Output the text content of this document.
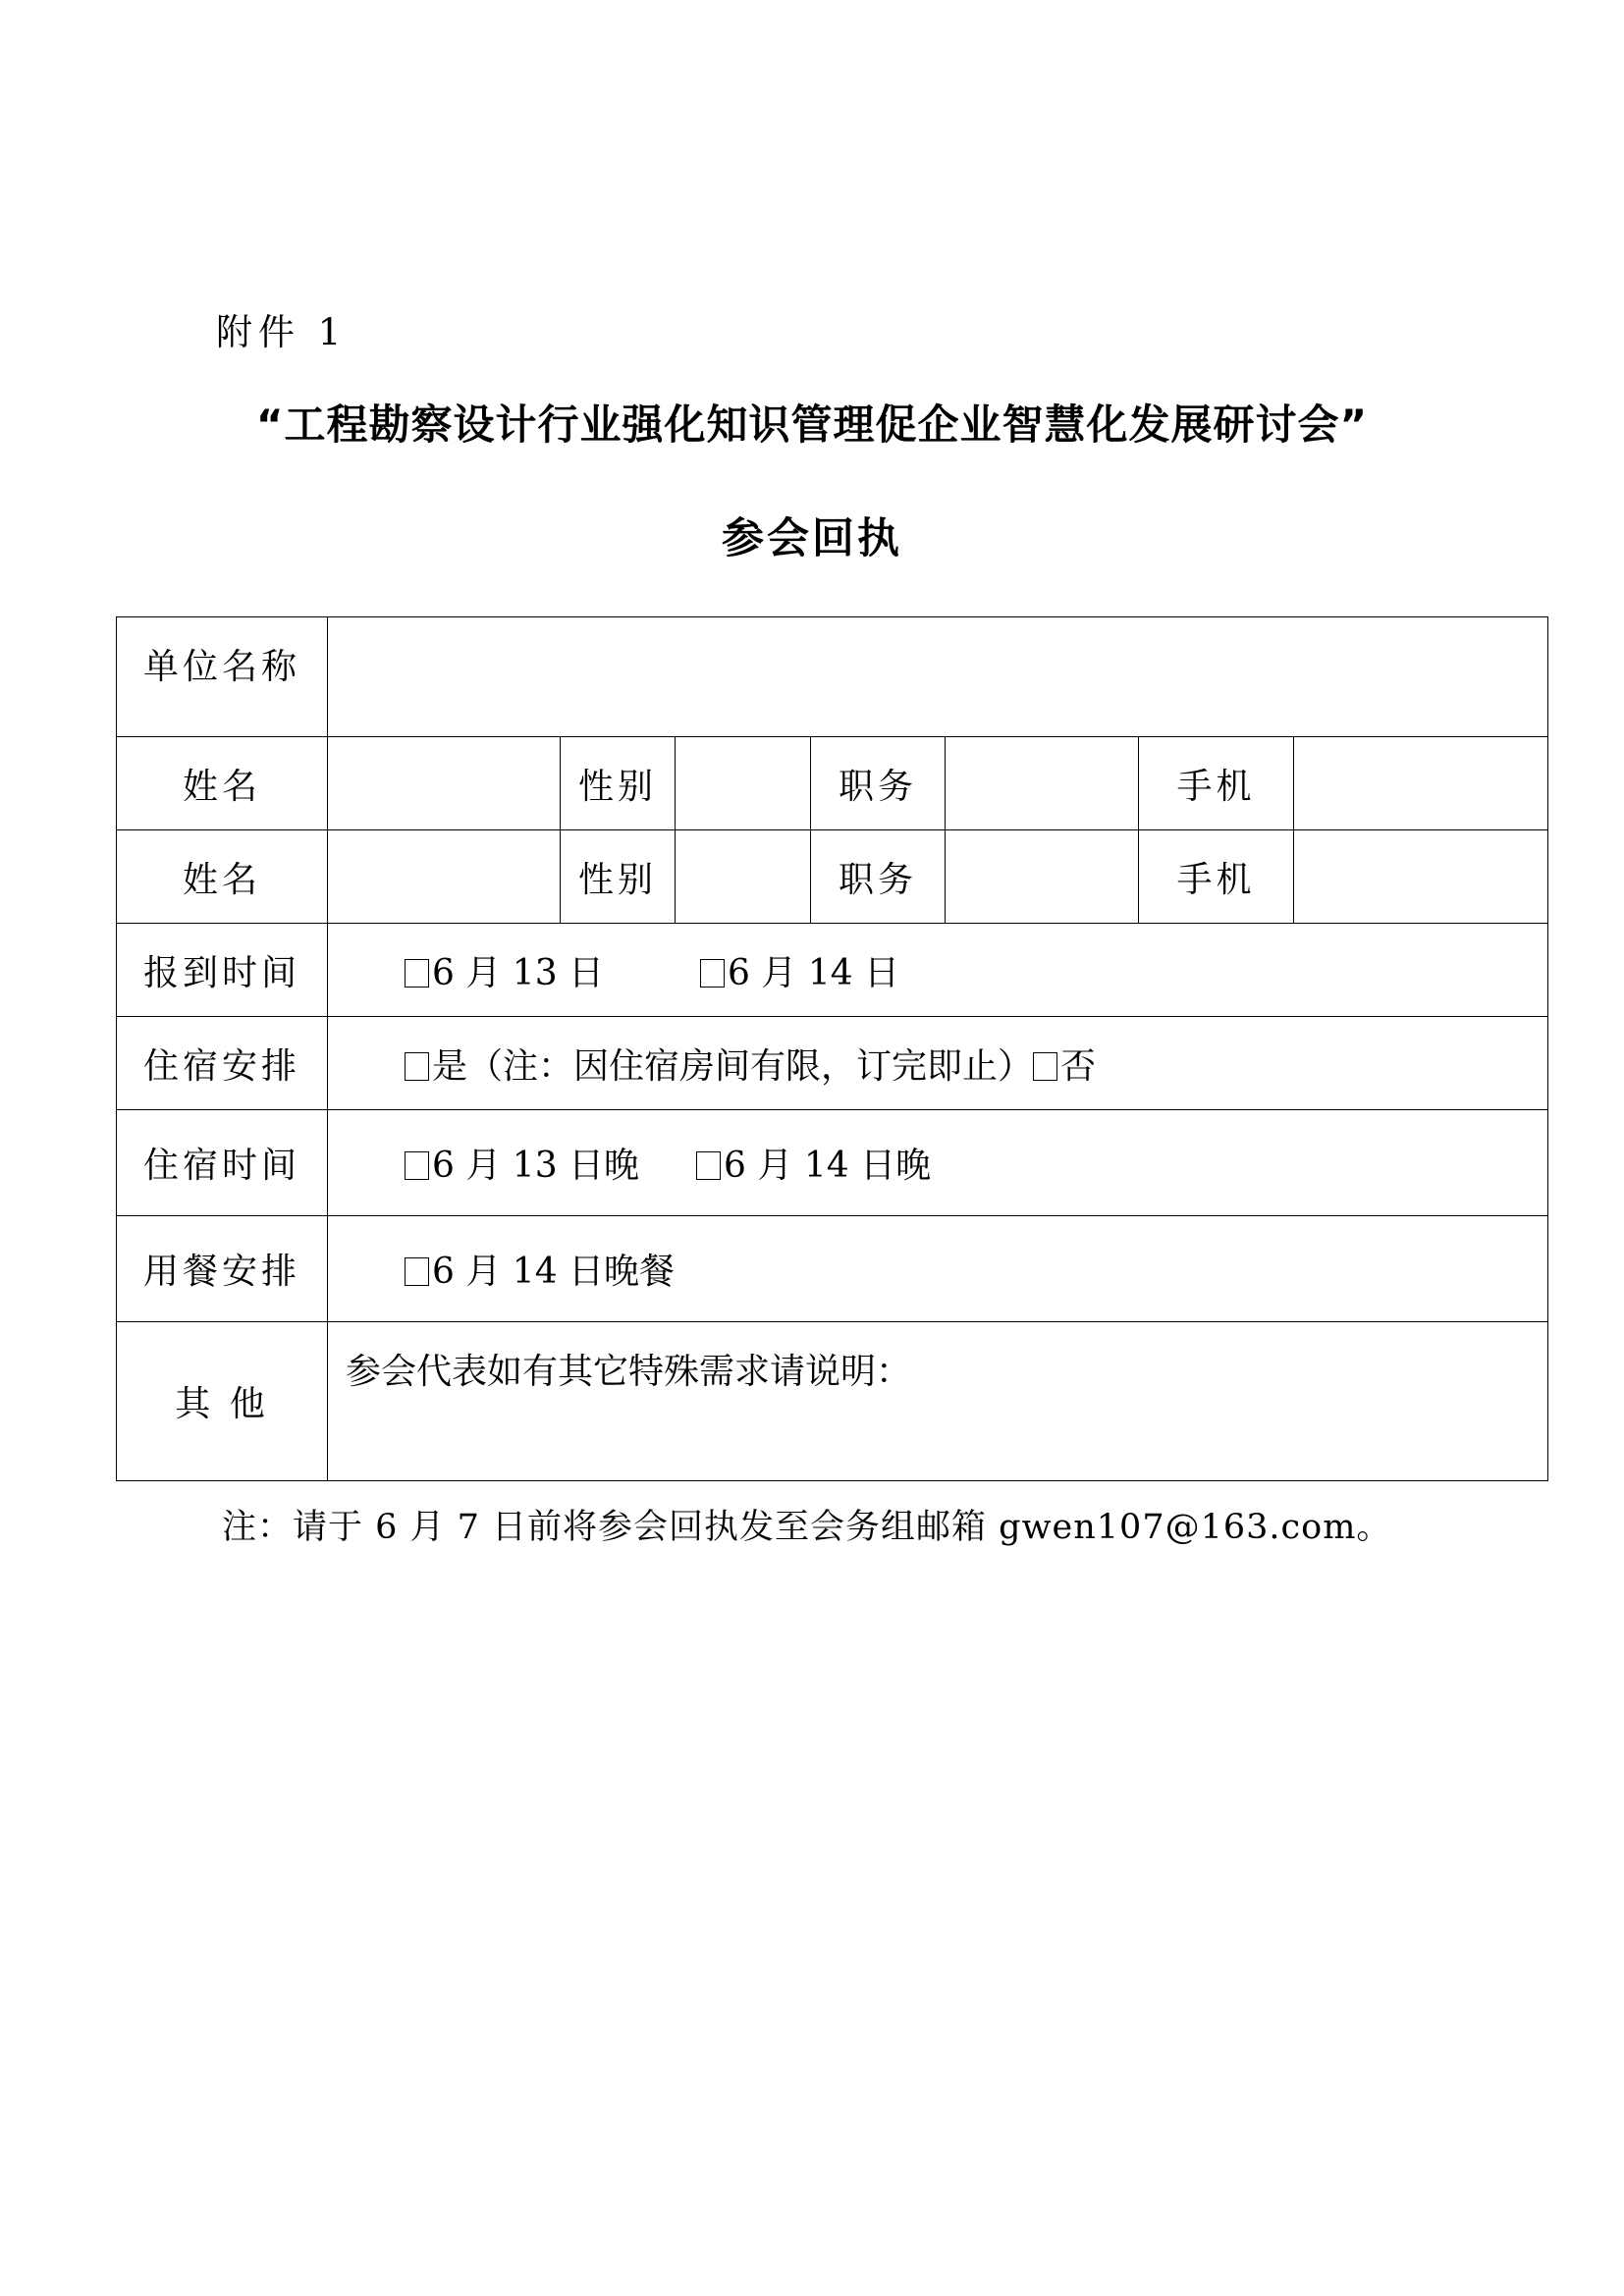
附件 1
“工程勘察设计行业强化知识管理促企业智慧化发展研讨会”
参会回执
单位名称							
姓名		性别		职务		手机	
姓名		性别		职务		手机	
报到时间	6 月 13 日 6 月 14 日						
住宿安排	是（注：因住宿房间有限，订完即止） 否						
住宿时间	6 月 13 日晚 6 月 14 日晚						
用餐安排	6 月 14 日晚餐						
其 他	参会代表如有其它特殊需求请说明：						
注：请于 6 月 7 日前将参会回执发至会务组邮箱 gwen107@163.com。
